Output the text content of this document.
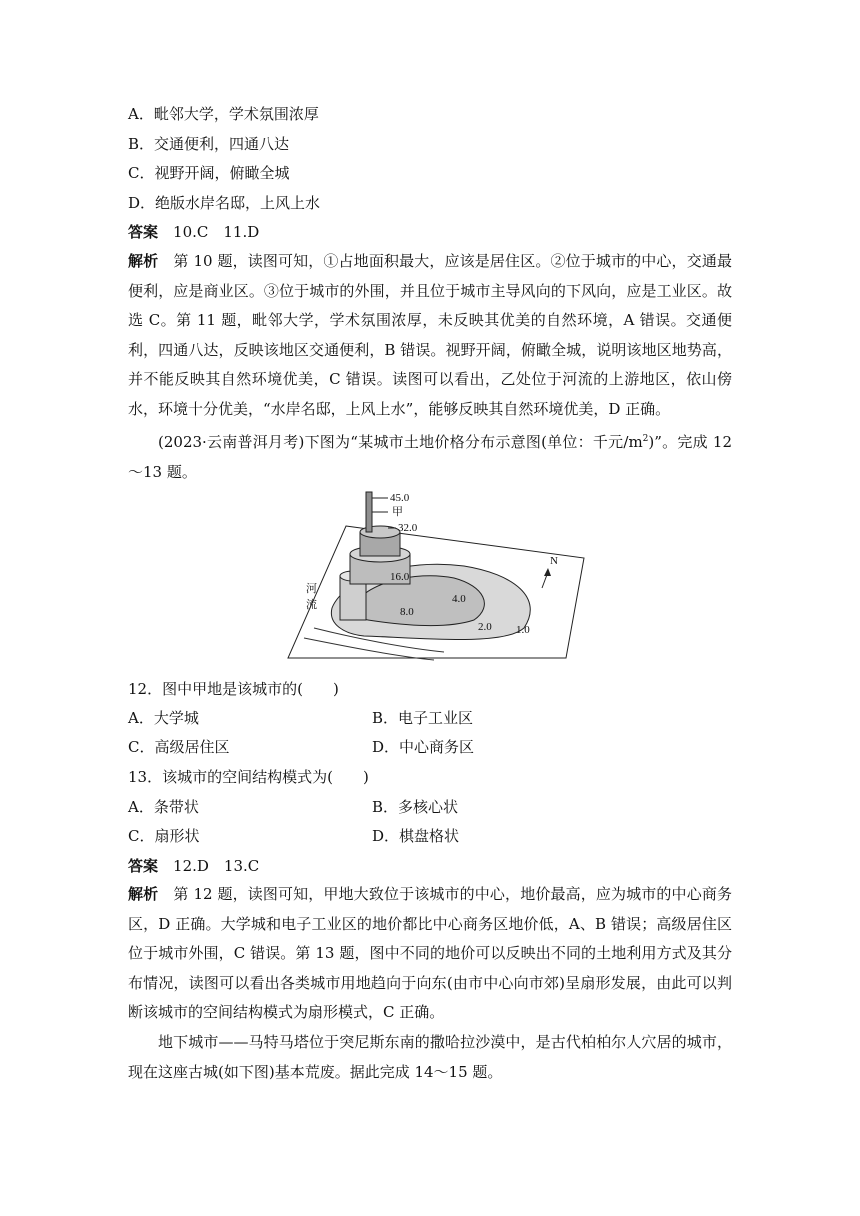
A．毗邻大学，学术氛围浓厚
B．交通便利，四通八达
C．视野开阔，俯瞰全城
D．绝版水岸名邸，上风上水
答案　 10.C　11.D
解析　 第 10 题，读图可知，①占地面积最大，应该是居住区。②位于城市的中心，交通最便利，应是商业区。③位于城市的外围，并且位于城市主导风向的下风向，应是工业区。故选 C。第 11 题，毗邻大学，学术氛围浓厚，未反映其优美的自然环境，A 错误。交通便利，四通八达，反映该地区交通便利，B 错误。视野开阔，俯瞰全城，说明该地区地势高，并不能反映其自然环境优美，C 错误。读图可以看出，乙处位于河流的上游地区，依山傍水，环境十分优美，“水岸名邸，上风上水”，能够反映其自然环境优美，D 正确。
(2023·云南普洱月考)下图为“某城市土地价格分布示意图(单位：千元$/m^2$)”。完成 12～13 题。
45.0
甲
32.0
16.0
8.0
4.0
2.0 1.0
河
流
N
12．图中甲地是该城市的(　　)
A．大学城	B．电子工业区
C．高级居住区	D．中心商务区
13．该城市的空间结构模式为(　　)
A．条带状	B．多核心状
C．扇形状	D．棋盘格状
答案　 12.D　13.C
解析　 第 12 题，读图可知，甲地大致位于该城市的中心，地价最高，应为城市的中心商务区，D 正确。大学城和电子工业区的地价都比中心商务区地价低，A、B 错误；高级居住区位于城市外围，C 错误。第 13 题，图中不同的地价可以反映出不同的土地利用方式及其分布情况，读图可以看出各类城市用地趋向于向东(由市中心向市郊)呈扇形发展，由此可以判断该城市的空间结构模式为扇形模式，C 正确。
地下城市——马特马塔位于突尼斯东南的撒哈拉沙漠中，是古代柏柏尔人穴居的城市，现在这座古城(如下图)基本荒废。据此完成 14～15 题。
